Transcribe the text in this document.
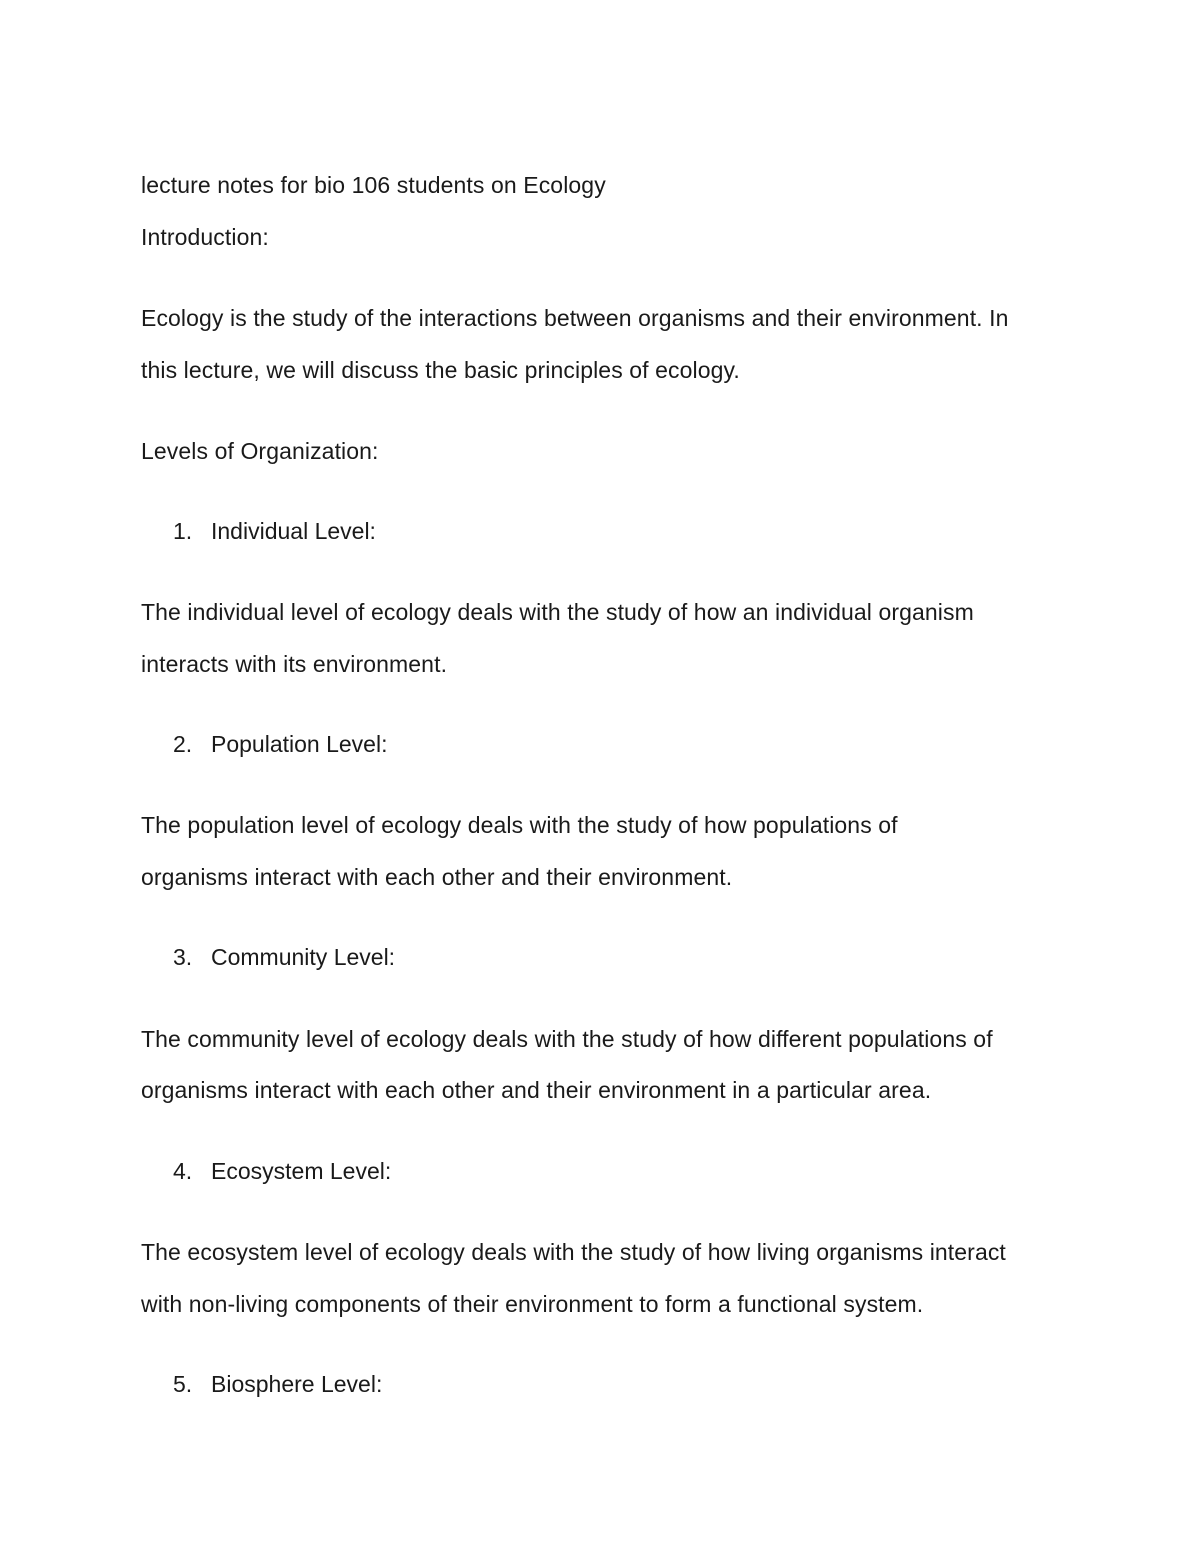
lecture notes for bio 106 students on Ecology
Introduction:
Ecology is the study of the interactions between organisms and their environment. In
this lecture, we will discuss the basic principles of ecology.
Levels of Organization:
1. Individual Level:
The individual level of ecology deals with the study of how an individual organism
interacts with its environment.
2. Population Level:
The population level of ecology deals with the study of how populations of
organisms interact with each other and their environment.
3. Community Level:
The community level of ecology deals with the study of how different populations of
organisms interact with each other and their environment in a particular area.
4. Ecosystem Level:
The ecosystem level of ecology deals with the study of how living organisms interact
with non-living components of their environment to form a functional system.
5. Biosphere Level:
